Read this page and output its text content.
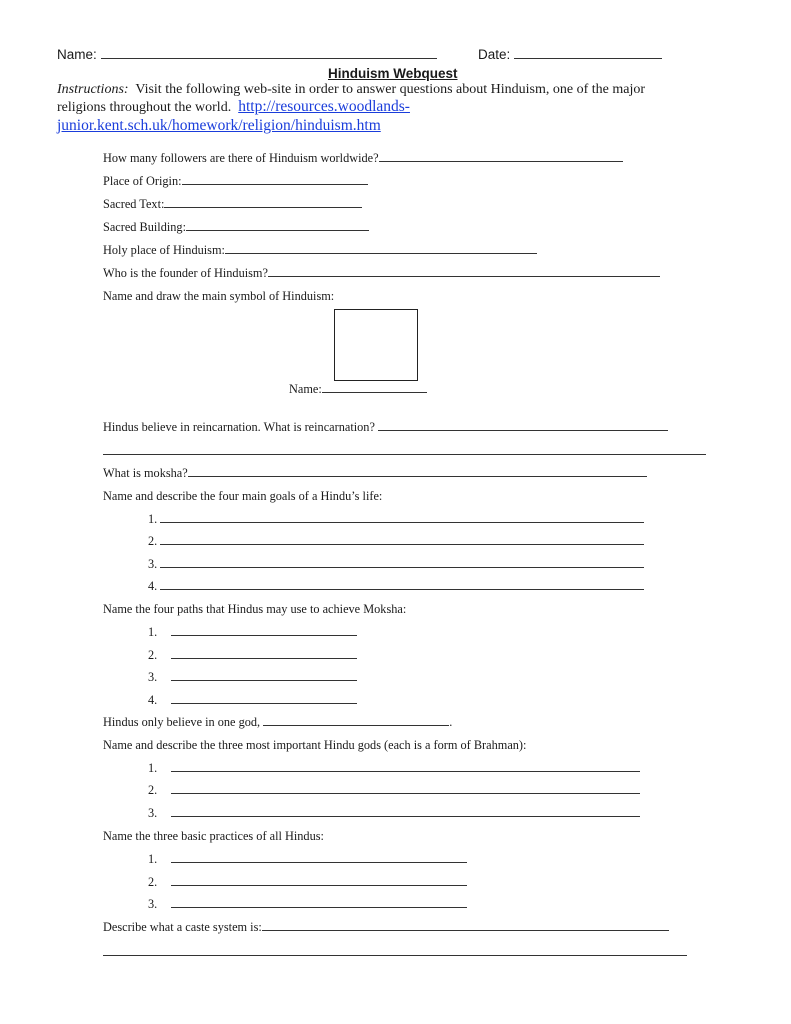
Name:	Date:
Hinduism Webquest
Instructions: Visit the following web-site in order to answer questions about Hinduism, one of the major
religions throughout the world. http://resources.woodlands-
junior.kent.sch.uk/homework/religion/hinduism.htm
How many followers are there of Hinduism worldwide?
Place of Origin:
Sacred Text:
Sacred Building:
Holy place of Hinduism:
Who is the founder of Hinduism?
Name and draw the main symbol of Hinduism:
Name:
Hindus believe in reincarnation. What is reincarnation?
What is moksha?
Name and describe the four main goals of a Hindu’s life:
1.
2.
3.
4.
Name the four paths that Hindus may use to achieve Moksha:
1.
2.
3.
4.
Hindus only believe in one god,	.
Name and describe the three most important Hindu gods (each is a form of Brahman):
1.
2.
3.
Name the three basic practices of all Hindus:
1.
2.
3.
Describe what a caste system is:
